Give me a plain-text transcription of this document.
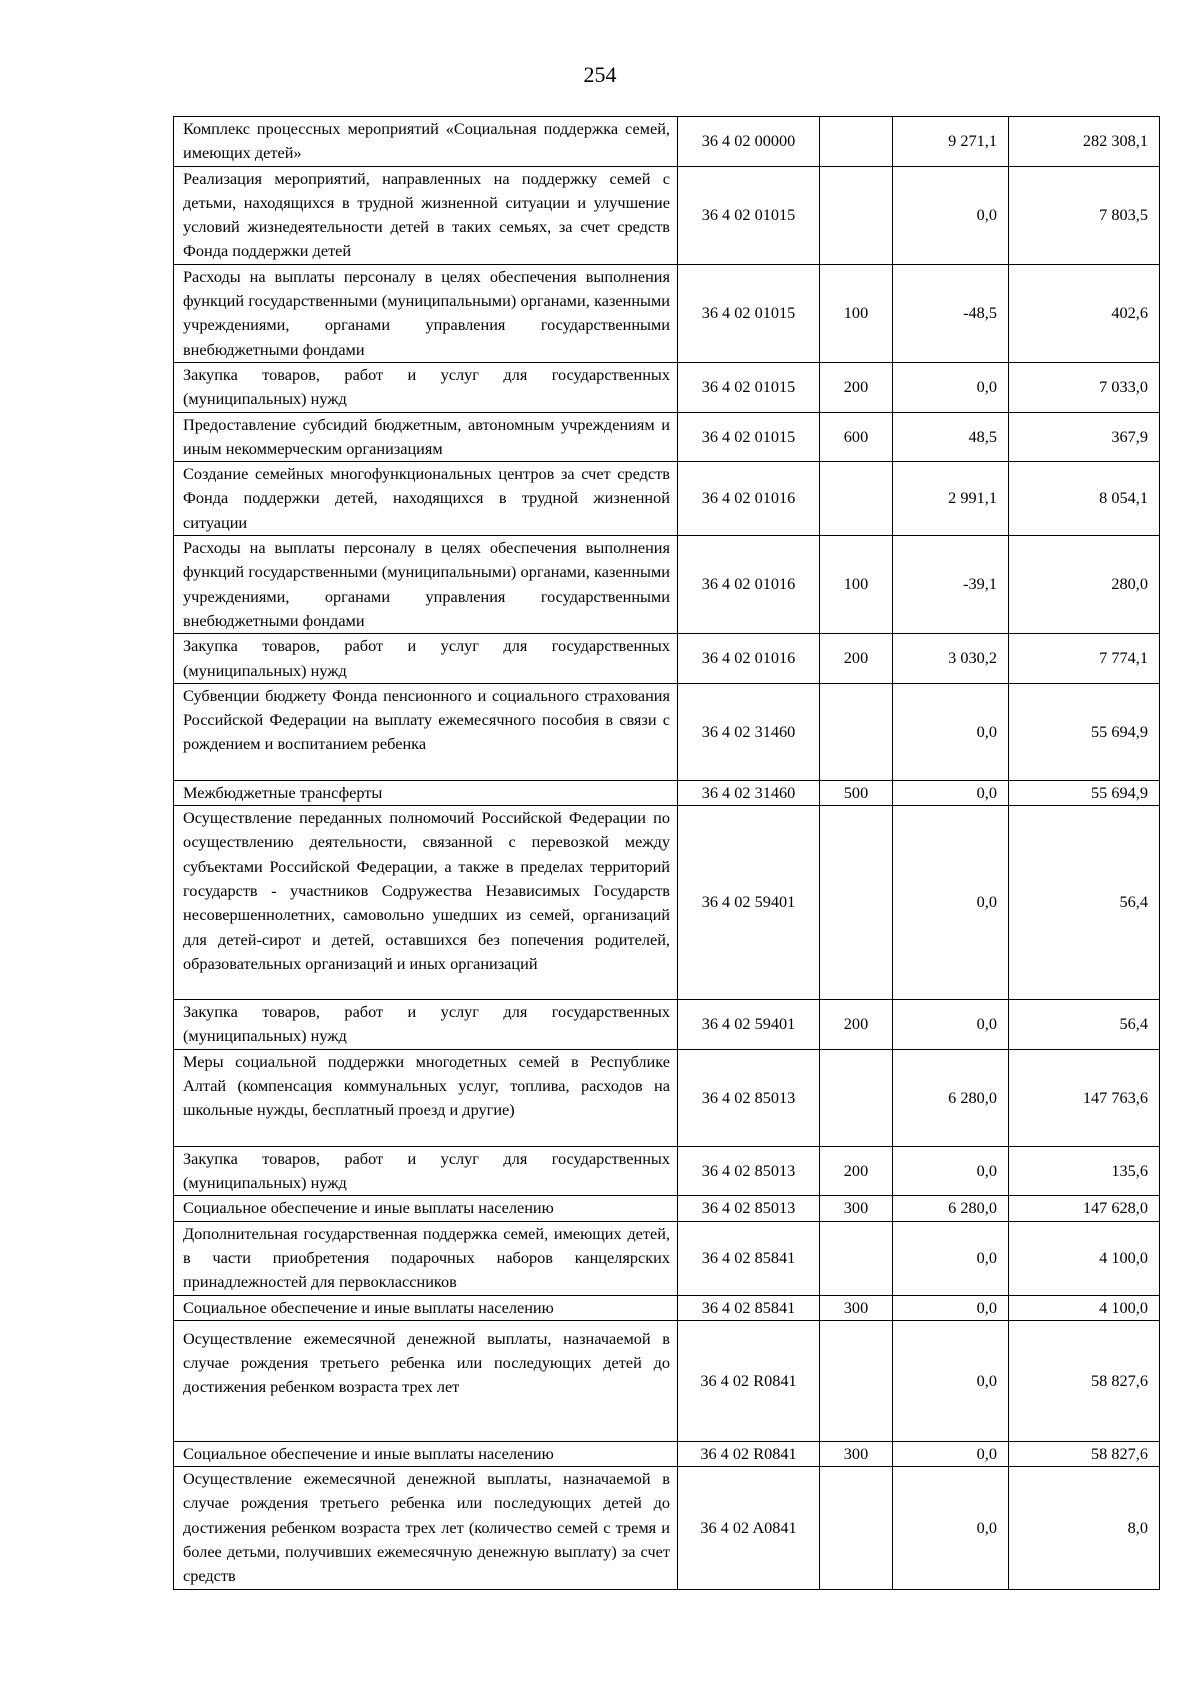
254
Комплекс процессных мероприятий «Социальная поддержка семей, имеющих детей»	36 4 02 00000		9 271,1	282 308,1

Реализация мероприятий, направленных на поддержку семей с детьми, находящихся в трудной жизненной ситуации и улучшение условий жизнедеятельности детей в таких семьях, за счет средств Фонда поддержки детей	36 4 02 01015		0,0	7 803,5

Расходы на выплаты персоналу в целях обеспечения выполнения функций государственными (муниципальными) органами, казенными учреждениями, органами управления государственными внебюджетными фондами	36 4 02 01015	100	-48,5	402,6

Закупка товаров, работ и услуг для государственных (муниципальных) нужд	36 4 02 01015	200	0,0	7 033,0

Предоставление субсидий бюджетным, автономным учреждениям и иным некоммерческим организациям	36 4 02 01015	600	48,5	367,9

Создание семейных многофункциональных центров за счет средств Фонда поддержки детей, находящихся в трудной жизненной ситуации	36 4 02 01016		2 991,1	8 054,1

Расходы на выплаты персоналу в целях обеспечения выполнения функций государственными (муниципальными) органами, казенными учреждениями, органами управления государственными внебюджетными фондами	36 4 02 01016	100	-39,1	280,0

Закупка товаров, работ и услуг для государственных (муниципальных) нужд	36 4 02 01016	200	3 030,2	7 774,1

Субвенции бюджету Фонда пенсионного и социального страхования Российской Федерации на выплату ежемесячного пособия в связи с рождением и воспитанием ребенка	36 4 02 31460		0,0	55 694,9

Межбюджетные трансферты	36 4 02 31460	500	0,0	55 694,9

Осуществление переданных полномочий Российской Федерации по осуществлению деятельности, связанной с перевозкой между субъектами Российской Федерации, а также в пределах территорий государств - участников Содружества Независимых Государств несовершеннолетних, самовольно ушедших из семей, организаций для детей-сирот и детей, оставшихся без попечения родителей, образовательных организаций и иных организаций	36 4 02 59401		0,0	56,4

Закупка товаров, работ и услуг для государственных (муниципальных) нужд	36 4 02 59401	200	0,0	56,4

Меры социальной поддержки многодетных семей в Республике Алтай (компенсация коммунальных услуг, топлива, расходов на школьные нужды, бесплатный проезд и другие)	36 4 02 85013		6 280,0	147 763,6

Закупка товаров, работ и услуг для государственных (муниципальных) нужд	36 4 02 85013	200	0,0	135,6

Социальное обеспечение и иные выплаты населению	36 4 02 85013	300	6 280,0	147 628,0

Дополнительная государственная поддержка семей, имеющих детей, в части приобретения подарочных наборов канцелярских принадлежностей для первоклассников	36 4 02 85841		0,0	4 100,0

Социальное обеспечение и иные выплаты населению	36 4 02 85841	300	0,0	4 100,0

Осуществление ежемесячной денежной выплаты, назначаемой в случае рождения третьего ребенка или последующих детей до достижения ребенком возраста трех лет	36 4 02 R0841		0,0	58 827,6

Социальное обеспечение и иные выплаты населению	36 4 02 R0841	300	0,0	58 827,6

Осуществление ежемесячной денежной выплаты, назначаемой в случае рождения третьего ребенка или последующих детей до достижения ребенком возраста трех лет (количество семей с тремя и более детьми, получивших ежемесячную денежную выплату) за счет средств	36 4 02 A0841		0,0	8,0
